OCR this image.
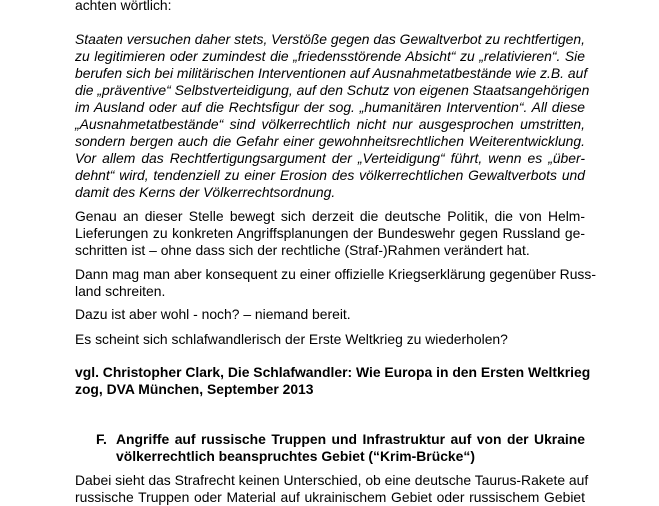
achten wörtlich:
Staaten versuchen daher stets, Verstöße gegen das Gewaltverbot zu rechtfertigen,
zu legitimieren oder zumindest die „friedensstörende Absicht“ zu „relativieren“. Sie
berufen sich bei militärischen Interventionen auf Ausnahmetatbestände wie z.B. auf
die „präventive“ Selbstverteidigung, auf den Schutz von eigenen Staatsangehörigen
im Ausland oder auf die Rechtsfigur der sog. „humanitären Intervention“. All diese
„Ausnahmetatbestände“ sind völkerrechtlich nicht nur ausgesprochen umstritten,
sondern bergen auch die Gefahr einer gewohnheitsrechtlichen Weiterentwicklung.
Vor allem das Rechtfertigungsargument der „Verteidigung“ führt, wenn es „über-
dehnt“ wird, tendenziell zu einer Erosion des völkerrechtlichen Gewaltverbots und
damit des Kerns der Völkerrechtsordnung.
Genau an dieser Stelle bewegt sich derzeit die deutsche Politik, die von Helm-
Lieferungen zu konkreten Angriffsplanungen der Bundeswehr gegen Russland ge-
schritten ist – ohne dass sich der rechtliche (Straf-)Rahmen verändert hat.
Dann mag man aber konsequent zu einer offizielle Kriegserklärung gegenüber Russ-
land schreiten.
Dazu ist aber wohl - noch? – niemand bereit.
Es scheint sich schlafwandlerisch der Erste Weltkrieg zu wiederholen?
vgl. Christopher Clark, Die Schlafwandler: Wie Europa in den Ersten Weltkrieg
zog, DVA München, September 2013
F. Angriffe auf russische Truppen und Infrastruktur auf von der Ukraine
völkerrechtlich beanspruchtes Gebiet (“Krim-Brücke“)
Dabei sieht das Strafrecht keinen Unterschied, ob eine deutsche Taurus-Rakete auf
russische Truppen oder Material auf ukrainischem Gebiet oder russischem Gebiet
